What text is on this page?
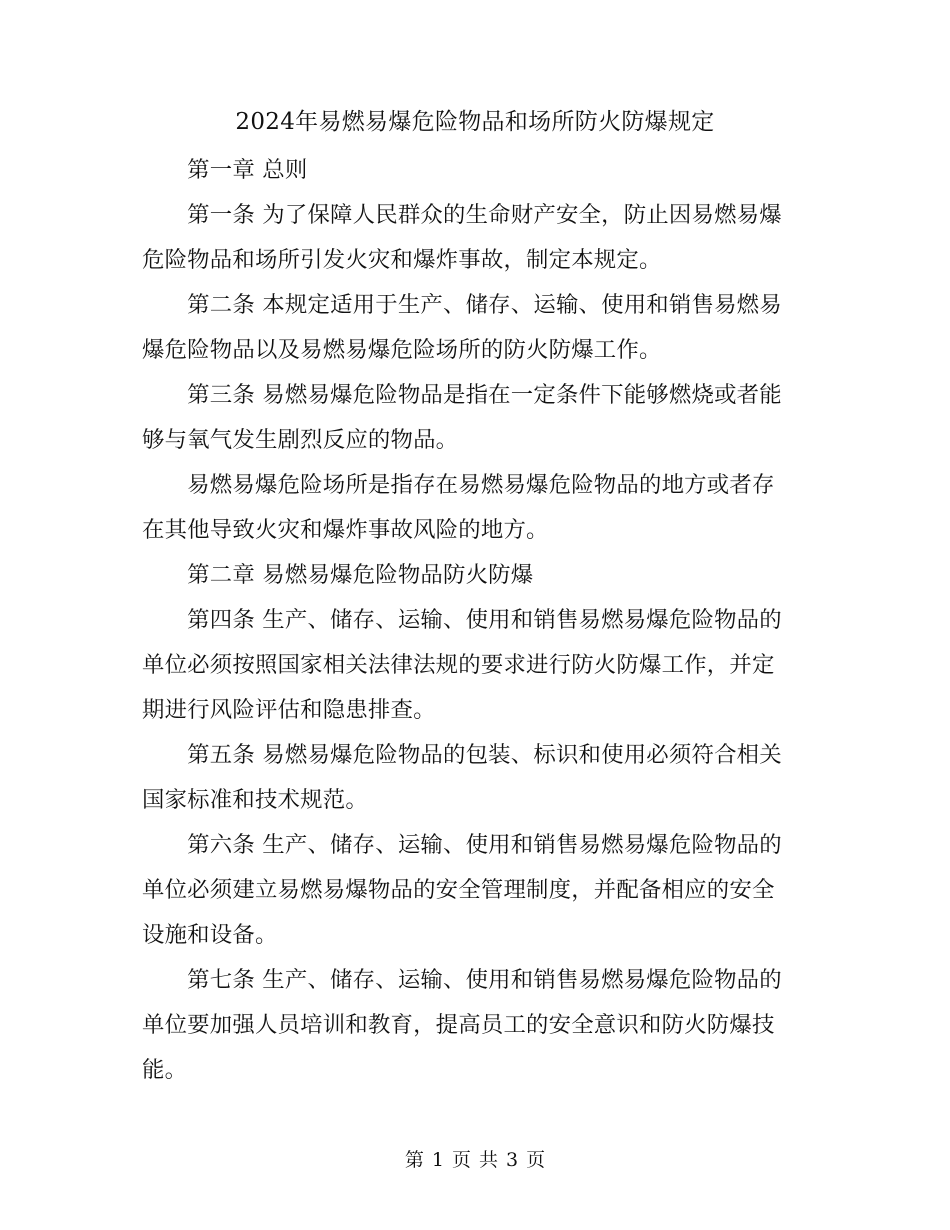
2024年易燃易爆危险物品和场所防火防爆规定
　　第一章 总则
　　第一条 为了保障人民群众的生命财产安全，防止因易燃易爆
危险物品和场所引发火灾和爆炸事故，制定本规定。
　　第二条 本规定适用于生产、储存、运输、使用和销售易燃易
爆危险物品以及易燃易爆危险场所的防火防爆工作。
　　第三条 易燃易爆危险物品是指在一定条件下能够燃烧或者能
够与氧气发生剧烈反应的物品。
　　易燃易爆危险场所是指存在易燃易爆危险物品的地方或者存
在其他导致火灾和爆炸事故风险的地方。
　　第二章 易燃易爆危险物品防火防爆
　　第四条 生产、储存、运输、使用和销售易燃易爆危险物品的
单位必须按照国家相关法律法规的要求进行防火防爆工作，并定
期进行风险评估和隐患排查。
　　第五条 易燃易爆危险物品的包装、标识和使用必须符合相关
国家标准和技术规范。
　　第六条 生产、储存、运输、使用和销售易燃易爆危险物品的
单位必须建立易燃易爆物品的安全管理制度，并配备相应的安全
设施和设备。
　　第七条 生产、储存、运输、使用和销售易燃易爆危险物品的
单位要加强人员培训和教育，提高员工的安全意识和防火防爆技
能。
第 1 页 共 3 页
